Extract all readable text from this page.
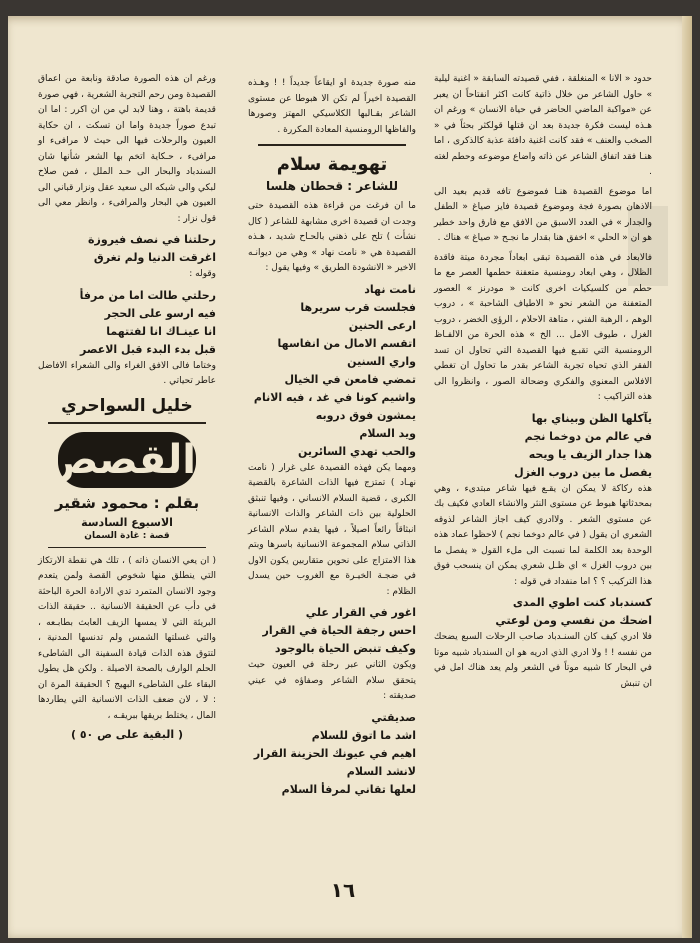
حدود « الانا » المنغلقة ، ففي قصيدته السابقة « اغنية ليلية » حاول الشاعر من خلال ذاتية كانت اكثر انفتاحاً ان يعبر عن «مواكبة الماضي الحاضر في حياة الانسان » ورغم ان هـذه ليست فكرة جديدة بعد ان قتلها قولكثر بحثاً في « الصخب والعنف » فقد كانت اغنية دافئة عذبة كالذكرى ، اما هنـا فقد اتفاق الشاعر عن ذاته واضاع موضوعه وحطم لغته .

اما موضوع القصيدة هنـا فموضوع تافه قديم بعيد الى الاذهان بصورة فجة وموضوع قصيدة فايز صياغ « الطفل والجدار » في العدد الاسبق من الافق مع فارق واحد خطير هو ان « الحلي » اخفق هنا بقدار ما نجـح « صياغ » هناك .

فالابعاد في هذه القصيدة تبقى ابعاداً مجردة ميتة فاقدة الظلال ، وهي ابعاد رومنسية متعفنة حطمها العصر مع ما حطم من كلسيكيات اخرى كانت « مودرنز » العصور المتعفنة من الشعر نحو « الاطياف الشاحبة » ، دروب الوهم ، الرهبة الفني ، متاهة الاحلام ، الرؤى الخضر ، دروب الغزل ، طيوف الامل ... الخ » هذه الحرة من الالفـاظ الرومنسية التي تقبـع فيها القصيدة التي تحاول ان تسد الفقر الذي تحياه تجربة الشاعر بقدر ما تحاول ان تغطي الافلاس المعنوي والفكري وضحالة الصور ، وانظروا الى هذه التراكيب :

يآكلها الظن وبيناي بها

في عالم من دوخما نجم

هذا جدار الزيف يا ويحه

يفصل ما بين دروب الغزل

هذه ركاكة لا يمكن ان يقـع فيها شاعر مبتدىء ، وهي بمحدثاتها هبوط عن مستوى النثر والانشاء العادي فكيف بك عن مستوى الشعر . ولاادري كيف اجاز الشاعر لذوقه الشعري ان يقول ( في عالم دوخما نجم ) لاحظوا عماد هذه الوحدة بعد الكلمة لما نسبت الى ملء القول « يفصل ما بين دروب الغزل » اي ظـل شعري يمكن ان ينسحب فوق هذا التركيب ؟ ؟ اما منفداد في قوله :

كسندباد كنت اطوي المدى

اضحك من نفسي ومن لوعتي

فلا ادري كيف كان السنـدباد صاحب الرحلات السبع يضحك من نفسه ! ! ولا ادري الذي ادريه هو ان السندباد شبيه موتا في البحار كا شبيه موتاً في الشعر ولم يعد هناك امل في ان تنبش

منه صورة جديدة او ايقاعاً جديداً ! ! وهـذه القصيدة اخيراً لم تكن الا هبوطا عن مستوى الشاعر بقـالبها الكلاسيكي المهتز وصورها والفاظها الرومنسية المعادة المكررة .

تهويمة سلام

للشاعر : قحطان هلسا

ما ان فرغت من قراءة هذه القصيدة حتى وجدت ان قصيدة اخرى مشابهة للشاعر ( كال نشأت ) تلح على ذهني بالحـاح شديد ، هـذه القصيدة هي « نامت نهاد » وهي من ديوانـه الاخير « الانشودة الطريق » وفيها يقول :

نامت نهاد

فجلست قرب سريرها

ارعى الحنين

اتقسم الامال من انفاسها

واري السنين

تمضي فامعن في الخيال

واشيم كونا في غد ، فيه الانام

يمشون فوق دروبه

ويد السلام

والحب تهدي السائرين

ومهما يكن فهذه القصيدة على غرار ( نامت نهـاد ) تمتزج فيها الذات الشاعرة بالقضية الكبرى ، قضية السلام الانساني ، وفيها تنبثق الحلولية بين ذات الشاعر والذات الانسانية انبثاقاً رائعاً اصيلاً ، فيها يقدم سلام الشاعر الذاتي سلام المجموعة الانسانية باسرها وبتم هذا الامتزاج على نحوين متقاربين يكون الاول في ضجـة الخيـرة مع الغروب حين يسدل الظلام :

اغور في القرار علي

احس رجفة الحياة في القرار

وكيف تنبض الحياة بالوجود

ويكون الثاني عبر رحلة في العيون حيث يتحقق سلام الشاعر وصفاؤه في عيني صديقته :

صديقتي

اشد ما اتوق للسلام

اهيم في عيونك الحزينة القرار

لانشد السلام

لعلها تقاني لمرفأ السلام

ورغم ان هذه الصورة صادقة ونابعة من اعماق القصيدة ومن رحم التجربة الشعرية ، فهي صورة قديمة باهتة ، وهنا لابد لي من ان اكرر : اما ان تبدع صوراً جديدة واما ان تسكت ، ان حكاية العيون والرحلات فيها الى حيث لا مرافىء او مرافىء ، حـكاية اتخم بها الشعر شأنها شان السندباد والبحار الى حـد الملل ، فمن صلاح لبكي والى شبكه الى سعيد عقل ونزار قباني الى العيون هي البحار والمرافىء ، وانظر معي الى قول نزار :

رحلتنا في نصف فيروزة

اغرقت الدنيا ولم تغرق

وقوله :

رحلتي طالت اما من مرفأ

فيه ارسو على الحجر

انا عينـاك انا لفتتهما

قبل بدء البدء قبل الاعصر

وختاما فالى الافق الغراء والى الشعراء الافاضل عاطر تحياتي .

خليل السواحري

القصص

بقلم : محمود شقير

الاسبوع السادسة

قصة : غادة السمان

( ان يعي الانسان ذاته ) ، تلك هي نقطة الارتكاز التي ينطلق منها شخوص القصة ولمن يتعدم وجود الانسان المتمرد تدي الارادة الحرة الباحثة في دأب عن الحقيقة الانسانية .. حقيقة الذات البريئة التي لا يمسها الزيف العابث بطابـعه ، والتي غسلتها الشمس ولم تدنسها المدنية ، لتتوق هذه الذات قيادة السفينة الى الشاطىء الحلم الوارف بالصحة الاصيلة . ولكن هل يطول البقاء على الشاطىء البهيج ؟ الحقيقة المرة ان : لا ، لان ضعف الذات الانسانية التي يطاردها المال ، يختلط بريقها ببريقـه ،

( البقية على ص ٥٠ )

١٦
